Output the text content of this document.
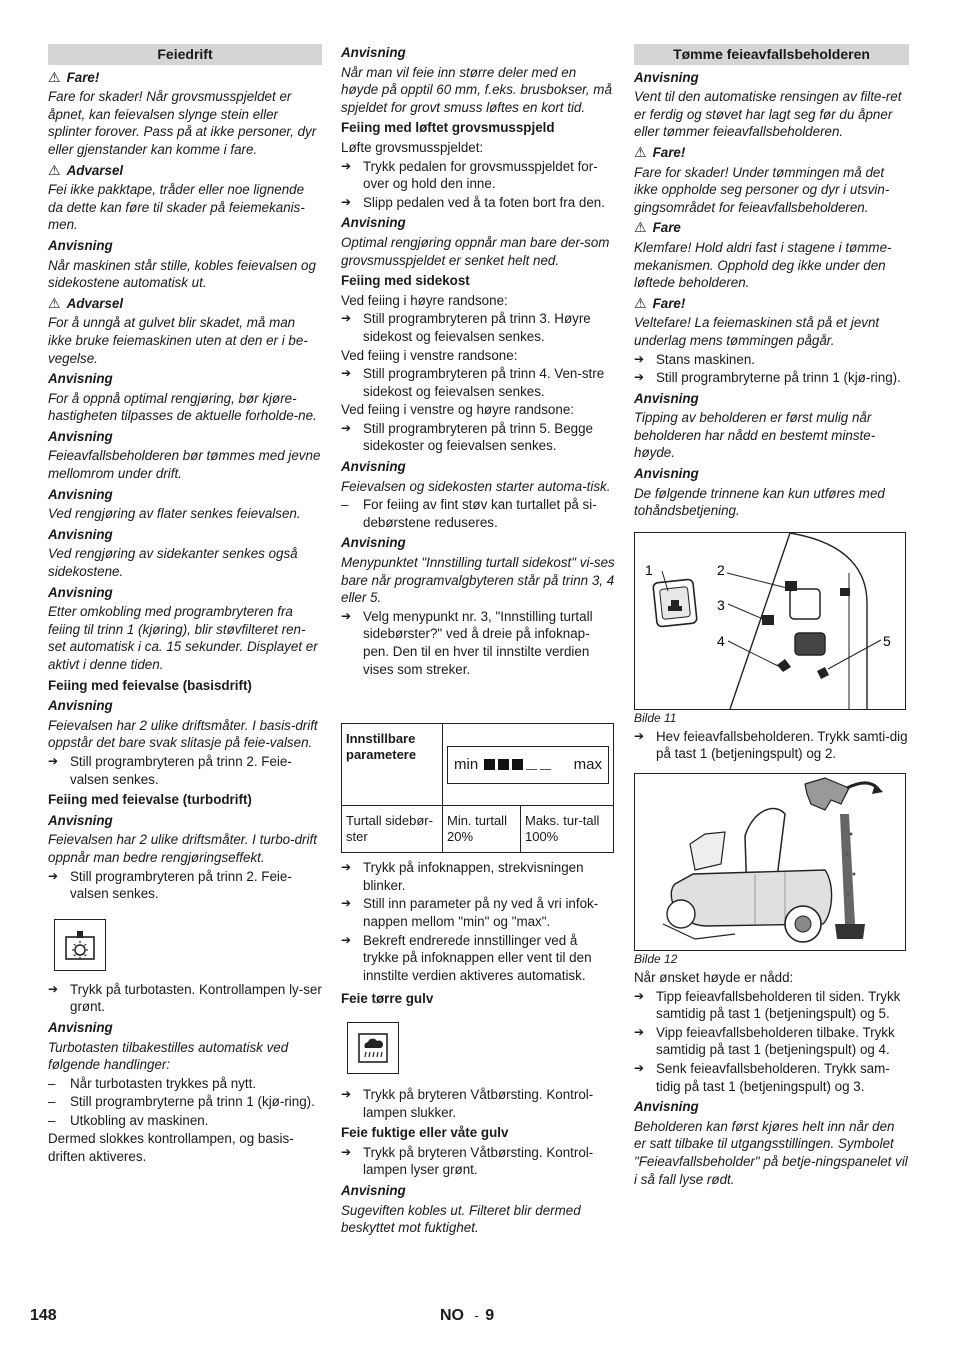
Feiedrift
⚠ Fare!
Fare for skader! Når grovsmusspjeldet er åpnet, kan feievalsen slynge stein eller splinter forover. Pass på at ikke personer, dyr eller gjenstander kan komme i fare.
⚠ Advarsel
Fei ikke pakktape, tråder eller noe lignende da dette kan føre til skader på feiemekanis-men.
Anvisning
Når maskinen står stille, kobles feievalsen og sidekostene automatisk ut.
⚠ Advarsel
For å unngå at gulvet blir skadet, må man ikke bruke feiemaskinen uten at den er i be-vegelse.
Anvisning
For å oppnå optimal rengjøring, bør kjøre-hastigheten tilpasses de aktuelle forholde-ne.
Anvisning
Feieavfallsbeholderen bør tømmes med jevne mellomrom under drift.
Anvisning
Ved rengjøring av flater senkes feievalsen.
Anvisning
Ved rengjøring av sidekanter senkes også sidekostene.
Anvisning
Etter omkobling med programbryteren fra feiing til trinn 1 (kjøring), blir støvfilteret ren-set automatisk i ca. 15 sekunder. Displayet er aktivt i denne tiden.
Feiing med feievalse (basisdrift)
Anvisning
Feievalsen har 2 ulike driftsmåter. I basis-drift oppstår det bare svak slitasje på feie-valsen.
➔ Still programbryteren på trinn 2. Feie-valsen senkes.
Feiing med feievalse (turbodrift)
Anvisning
Feievalsen har 2 ulike driftsmåter. I turbo-drift oppnår man bedre rengjøringseffekt.
➔ Still programbryteren på trinn 2. Feie-valsen senkes.
➔ Trykk på turbotasten. Kontrollampen ly-ser grønt.
Anvisning
Turbotasten tilbakestilles automatisk ved følgende handlinger:
–	Når turbotasten trykkes på nytt.
–	Still programbryterne på trinn 1 (kjø-ring).
–	Utkobling av maskinen.
Dermed slokkes kontrollampen, og basis-driften aktiveres.
Anvisning
Når man vil feie inn større deler med en høyde på opptil 60 mm, f.eks. brusbokser, må spjeldet for grovt smuss løftes en kort tid.
Feiing med løftet grovsmusspjeld
Løfte grovsmusspjeldet:
➔ Trykk pedalen for grovsmusspjeldet for-over og hold den inne.
➔ Slipp pedalen ved å ta foten bort fra den.
Anvisning
Optimal rengjøring oppnår man bare der-som grovsmusspjeldet er senket helt ned.
Feiing med sidekost
Ved feiing i høyre randsone:
➔ Still programbryteren på trinn 3. Høyre sidekost og feievalsen senkes.
Ved feiing i venstre randsone:
➔ Still programbryteren på trinn 4. Ven-stre sidekost og feievalsen senkes.
Ved feiing i venstre og høyre randsone:
➔ Still programbryteren på trinn 5. Begge sidekoster og feievalsen senkes.
Anvisning
Feievalsen og sidekosten starter automa-tisk.
–	For feiing av fint støv kan turtallet på si-debørstene reduseres.
Anvisning
Menypunktet "Innstilling turtall sidekost" vi-ses bare når programvalgbyteren står på trinn 3, 4 eller 5.
➔ Velg menypunkt nr. 3, "Innstilling turtall sidebørster?" ved å dreie på infoknap-pen. Den til en hver til innstilte verdien vises som streker.
Innstillbare parametere	min max	

Turtall sidebør-ster	Min. turtall 20%	Maks. tur-tall 100%
➔ Trykk på infoknappen, strekvisningen blinker.
➔ Still inn parameter på ny ved å vri infok-nappen mellom "min" og "max".
➔ Bekreft endrerede innstillinger ved å trykke på infoknappen eller vent til den innstilte verdien aktiveres automatisk.
Feie tørre gulv
➔ Trykk på bryteren Våtbørsting. Kontrol-lampen slukker.
Feie fuktige eller våte gulv
➔ Trykk på bryteren Våtbørsting. Kontrol-lampen lyser grønt.
Anvisning
Sugeviften kobles ut. Filteret blir dermed beskyttet mot fuktighet.
Tømme feieavfallsbeholderen
Anvisning
Vent til den automatiske rensingen av filte-ret er ferdig og støvet har lagt seg før du åpner eller tømmer feieavfallsbeholderen.
⚠ Fare!
Fare for skader! Under tømmingen må det ikke oppholde seg personer og dyr i utsvin-gingsområdet for feieavfallsbeholderen.
⚠ Fare
Klemfare! Hold aldri fast i stagene i tømme-mekanismen. Opphold deg ikke under den løftede beholderen.
⚠ Fare!
Veltefare! La feiemaskinen stå på et jevnt underlag mens tømmingen pågår.
➔ Stans maskinen.
➔ Still programbryterne på trinn 1 (kjø-ring).
Anvisning
Tipping av beholderen er først mulig når beholderen har nådd en bestemt minste-høyde.
Anvisning
De følgende trinnene kan kun utføres med tohåndsbetjening.
1	2
3
4	5
Bilde 11
➔ Hev feieavfallsbeholderen. Trykk samti-dig på tast 1 (betjeningspult) og 2.
Bilde 12
Når ønsket høyde er nådd:
➔ Tipp feieavfallsbeholderen til siden. Trykk samtidig på tast 1 (betjeningspult) og 5.
➔ Vipp feieavfallsbeholderen tilbake. Trykk samtidig på tast 1 (betjeningspult) og 4.
➔ Senk feieavfallsbeholderen. Trykk sam-tidig på tast 1 (betjeningspult) og 3.
Anvisning
Beholderen kan først kjøres helt inn når den er satt tilbake til utgangsstillingen. Symbolet "Feieavfallsbeholder" på betje-ningspanelet vil i så fall lyse rødt.
148	NO - 9
